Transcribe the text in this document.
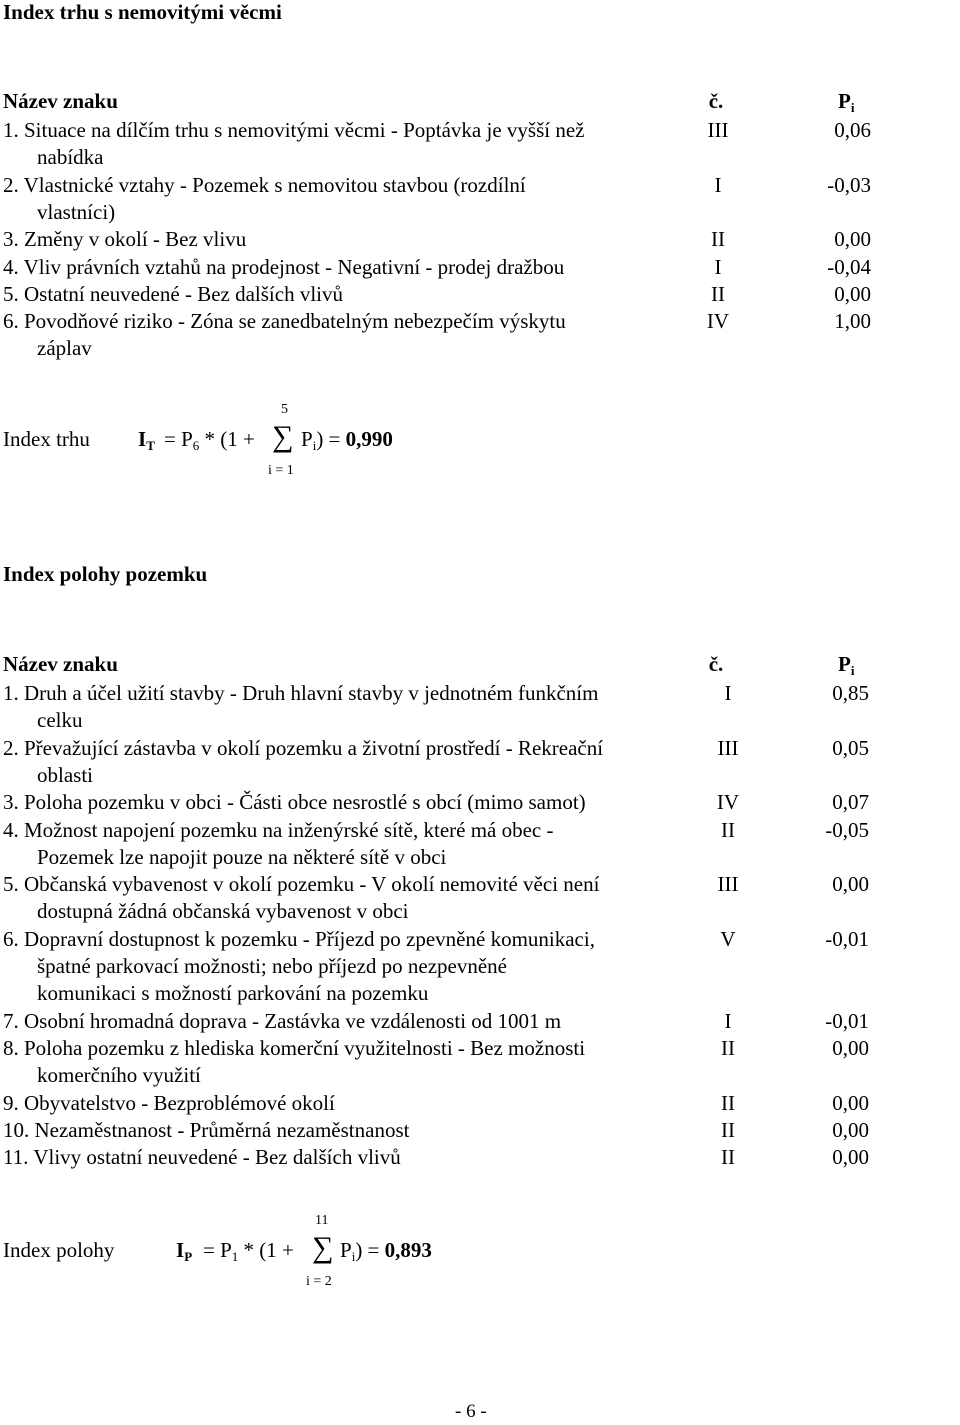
Index trhu s nemovitými věcmi
Název znaku	č.	$P_i$
1. Situace na dílčím trhu s nemovitými věcmi - Poptávka je vyšší než
nabídka
III	0,06
2. Vlastnické vztahy - Pozemek s nemovitou stavbou (rozdílní
vlastníci)
I	-0,03
3. Změny v okolí - Bez vlivu	II	0,00
4. Vliv právních vztahů na prodejnost - Negativní - prodej dražbou	I	-0,04
5. Ostatní neuvedené - Bez dalších vlivů	II	0,00
6. Povodňové riziko - Zóna se zanedbatelným nebezpečím výskytu
záplav
IV	1,00
Index trhu $I_T = P_6 * (1$ +
5
∑
i = 1
$P_i) = 0,990$
Index polohy pozemku
Název znaku	č.	$P_i$
1. Druh a účel užití stavby - Druh hlavní stavby v jednotném funkčním
celku
I	0,85
2. Převažující zástavba v okolí pozemku a životní prostředí - Rekreační
oblasti
III	0,05
3. Poloha pozemku v obci - Části obce nesrostlé s obcí (mimo samot)	IV	0,07
4. Možnost napojení pozemku na inženýrské sítě, které má obec -
Pozemek lze napojit pouze na některé sítě v obci
II	-0,05
5. Občanská vybavenost v okolí pozemku - V okolí nemovité věci není
dostupná žádná občanská vybavenost v obci
III	0,00
6. Dopravní dostupnost k pozemku - Příjezd po zpevněné komunikaci,
špatné parkovací možnosti; nebo příjezd po nezpevněné
komunikaci s možností parkování na pozemku
V	-0,01
7. Osobní hromadná doprava - Zastávka ve vzdálenosti od 1001 m	I	-0,01
8. Poloha pozemku z hlediska komerční využitelnosti - Bez možnosti
komerčního využití
II	0,00
9. Obyvatelstvo - Bezproblémové okolí	II	0,00
10. Nezaměstnanost - Průměrná nezaměstnanost	II	0,00
11. Vlivy ostatní neuvedené - Bez dalších vlivů	II	0,00
Index polohy	$I_P = P_1 * (1$ +
11
∑
i = 2
$P_i) = 0,893$
- 6 -
